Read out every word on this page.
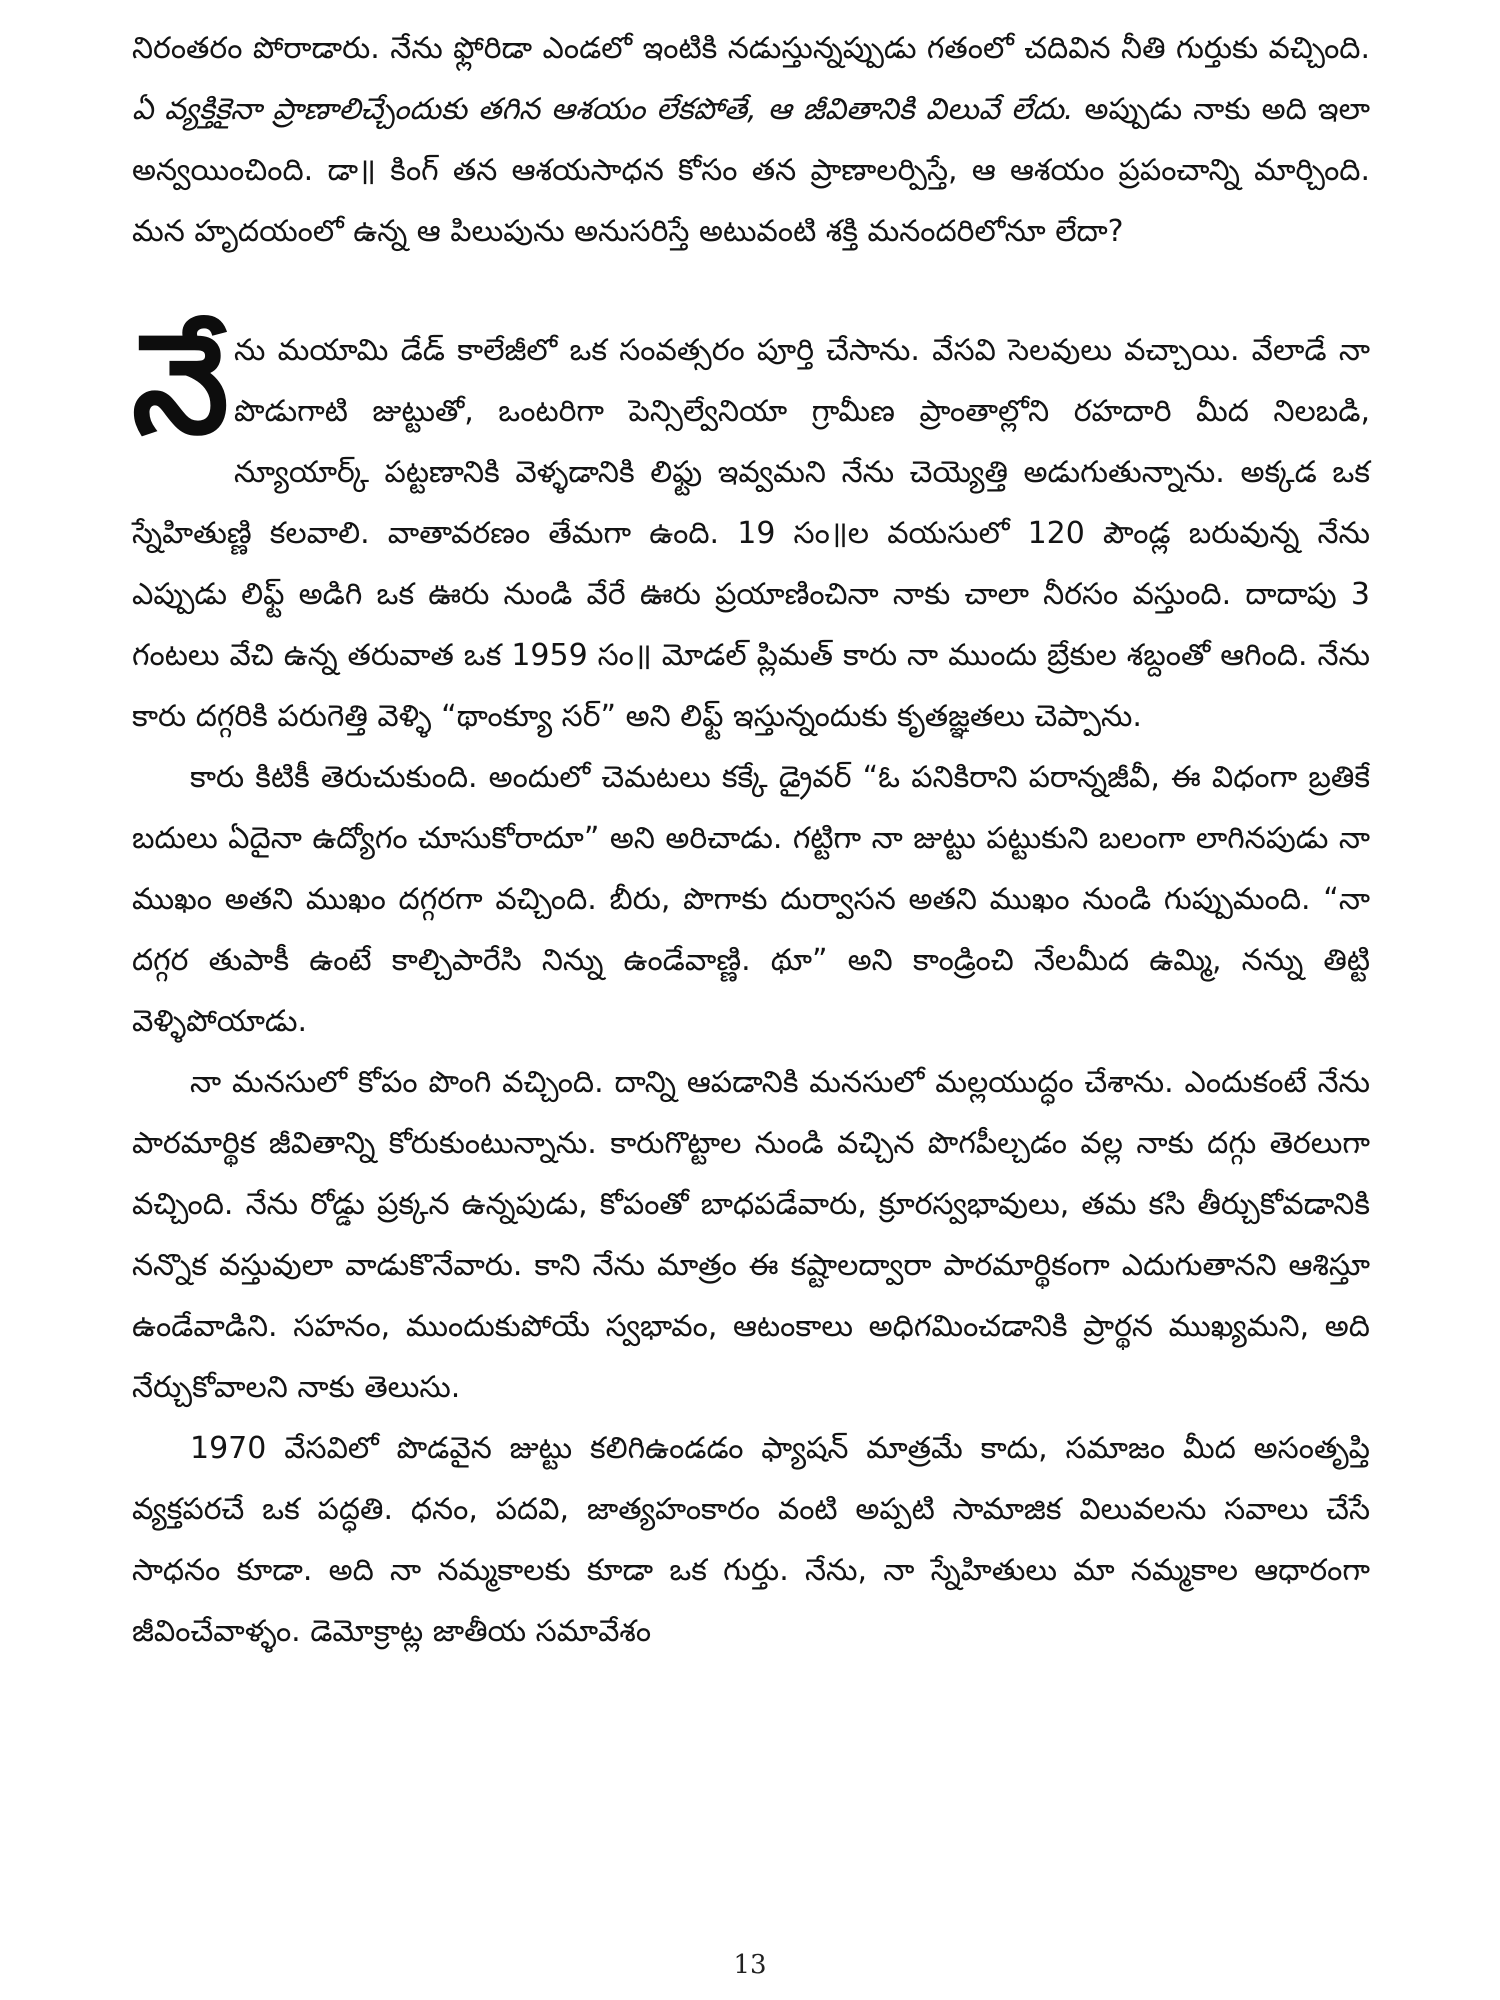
నిరంతరం పోరాడారు. నేను ఫ్లోరిడా ఎండలో ఇంటికి నడుస్తున్నప్పుడు గతంలో చదివిన నీతి గుర్తుకు వచ్చింది. ఏ వ్యక్తికైనా ప్రాణాలిచ్చేందుకు తగిన ఆశయం లేకపోతే, ఆ జీవితానికి విలువే లేదు. అప్పుడు నాకు అది ఇలా అన్వయించింది. డా॥ కింగ్ తన ఆశయసాధన కోసం తన ప్రాణాలర్పిస్తే, ఆ ఆశయం ప్రపంచాన్ని మార్చింది. మన హృదయంలో ఉన్న ఆ పిలుపును అనుసరిస్తే అటువంటి శక్తి మనందరిలోనూ లేదా?

నేను మయామి డేడ్ కాలేజీలో ఒక సంవత్సరం పూర్తి చేసాను. వేసవి సెలవులు వచ్చాయి. వేలాడే నా పొడుగాటి జుట్టుతో, ఒంటరిగా పెన్సిల్వేనియా గ్రామీణ ప్రాంతాల్లోని రహదారి మీద నిలబడి, న్యూయార్క్ పట్టణానికి వెళ్ళడానికి లిఫ్టు ఇవ్వమని నేను చెయ్యెత్తి అడుగుతున్నాను. అక్కడ ఒక స్నేహితుణ్ణి కలవాలి. వాతావరణం తేమగా ఉంది. 19 సం॥ల వయసులో 120 పౌండ్ల బరువున్న నేను ఎప్పుడు లిఫ్ట్ అడిగి ఒక ఊరు నుండి వేరే ఊరు ప్రయాణించినా నాకు చాలా నీరసం వస్తుంది. దాదాపు 3 గంటలు వేచి ఉన్న తరువాత ఒక 1959 సం॥ మోడల్ ప్లిమత్ కారు నా ముందు బ్రేకుల శబ్దంతో ఆగింది. నేను కారు దగ్గరికి పరుగెత్తి వెళ్ళి “థాంక్యూ సర్” అని లిఫ్ట్ ఇస్తున్నందుకు కృతజ్ఞతలు చెప్పాను.

కారు కిటికీ తెరుచుకుంది. అందులో చెమటలు కక్కే డ్రైవర్ “ఓ పనికిరాని పరాన్నజీవీ, ఈ విధంగా బ్రతికే బదులు ఏదైనా ఉద్యోగం చూసుకోరాదూ” అని అరిచాడు. గట్టిగా నా జుట్టు పట్టుకుని బలంగా లాగినపుడు నా ముఖం అతని ముఖం దగ్గరగా వచ్చింది. బీరు, పొగాకు దుర్వాసన అతని ముఖం నుండి గుప్పుమంది. “నా దగ్గర తుపాకీ ఉంటే కాల్చిపారేసి నిన్ను ఉండేవాణ్ణి. థూ” అని కాండ్రించి నేలమీద ఉమ్మి, నన్ను తిట్టి వెళ్ళిపోయాడు.

నా మనసులో కోపం పొంగి వచ్చింది. దాన్ని ఆపడానికి మనసులో మల్లయుద్ధం చేశాను. ఎందుకంటే నేను పారమార్థిక జీవితాన్ని కోరుకుంటున్నాను. కారుగొట్టాల నుండి వచ్చిన పొగపీల్చడం వల్ల నాకు దగ్గు తెరలుగా వచ్చింది. నేను రోడ్డు ప్రక్కన ఉన్నపుడు, కోపంతో బాధపడేవారు, క్రూరస్వభావులు, తమ కసి తీర్చుకోవడానికి నన్నొక వస్తువులా వాడుకొనేవారు. కాని నేను మాత్రం ఈ కష్టాలద్వారా పారమార్థికంగా ఎదుగుతానని ఆశిస్తూ ఉండేవాడిని. సహనం, ముందుకుపోయే స్వభావం, ఆటంకాలు అధిగమించడానికి ప్రార్థన ముఖ్యమని, అది నేర్చుకోవాలని నాకు తెలుసు.

1970 వేసవిలో పొడవైన జుట్టు కలిగిఉండడం ఫ్యాషన్ మాత్రమే కాదు, సమాజం మీద అసంతృప్తి వ్యక్తపరచే ఒక పద్ధతి. ధనం, పదవి, జాత్యహంకారం వంటి అప్పటి సామాజిక విలువలను సవాలు చేసే సాధనం కూడా. అది నా నమ్మకాలకు కూడా ఒక గుర్తు. నేను, నా స్నేహితులు మా నమ్మకాల ఆధారంగా జీవించేవాళ్ళం. డెమోక్రాట్ల జాతీయ సమావేశం

13
